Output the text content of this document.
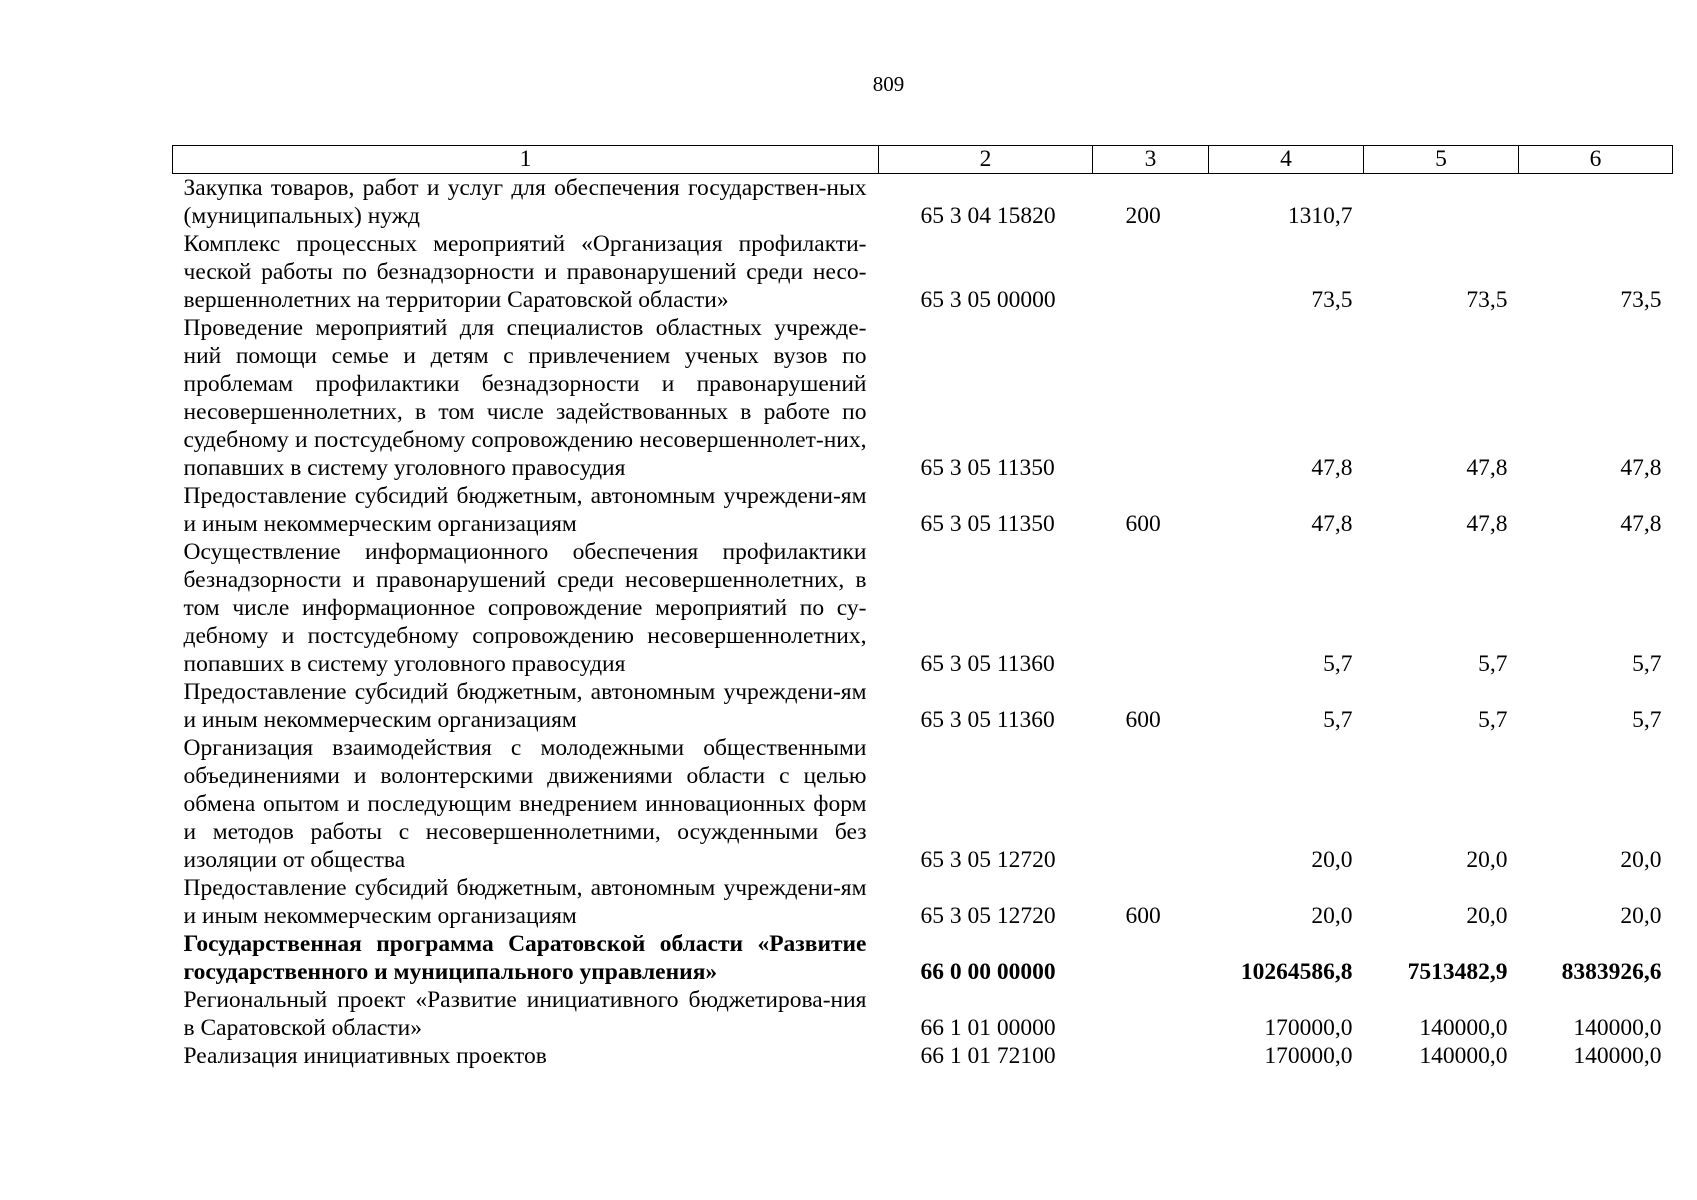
809
1	2	3	4	5	6
Закупка товаров, работ и услуг для обеспечения государствен-ных (муниципальных) нужд	65 3 04 15820	200	1310,7		
Комплекс процессных мероприятий «Организация профилакти-ческой работы по безнадзорности и правонарушений среди несо-вершеннолетних на территории Саратовской области»	65 3 05 00000		73,5	73,5	73,5
Проведение мероприятий для специалистов областных учрежде-ний помощи семье и детям с привлечением ученых вузов по проблемам профилактики безнадзорности и правонарушений несовершеннолетних, в том числе задействованных в работе по судебному и постсудебному сопровождению несовершеннолет-них, попавших в систему уголовного правосудия	65 3 05 11350		47,8	47,8	47,8
Предоставление субсидий бюджетным, автономным учреждени-ям и иным некоммерческим организациям	65 3 05 11350	600	47,8	47,8	47,8
Осуществление информационного обеспечения профилактики безнадзорности и правонарушений среди несовершеннолетних, в том числе информационное сопровождение мероприятий по су-дебному и постсудебному сопровождению несовершеннолетних, попавших в систему уголовного правосудия	65 3 05 11360		5,7	5,7	5,7
Предоставление субсидий бюджетным, автономным учреждени-ям и иным некоммерческим организациям	65 3 05 11360	600	5,7	5,7	5,7
Организация взаимодействия с молодежными общественными объединениями и волонтерскими движениями области с целью обмена опытом и последующим внедрением инновационных форм и методов работы с несовершеннолетними, осужденными без изоляции от общества	65 3 05 12720		20,0	20,0	20,0
Предоставление субсидий бюджетным, автономным учреждени-ям и иным некоммерческим организациям	65 3 05 12720	600	20,0	20,0	20,0
Государственная программа Саратовской области «Развитие государственного и муниципального управления»	66 0 00 00000		10264586,8	7513482,9	8383926,6
Региональный проект «Развитие инициативного бюджетирова-ния в Саратовской области»	66 1 01 00000		170000,0	140000,0	140000,0
Реализация инициативных проектов	66 1 01 72100		170000,0	140000,0	140000,0
